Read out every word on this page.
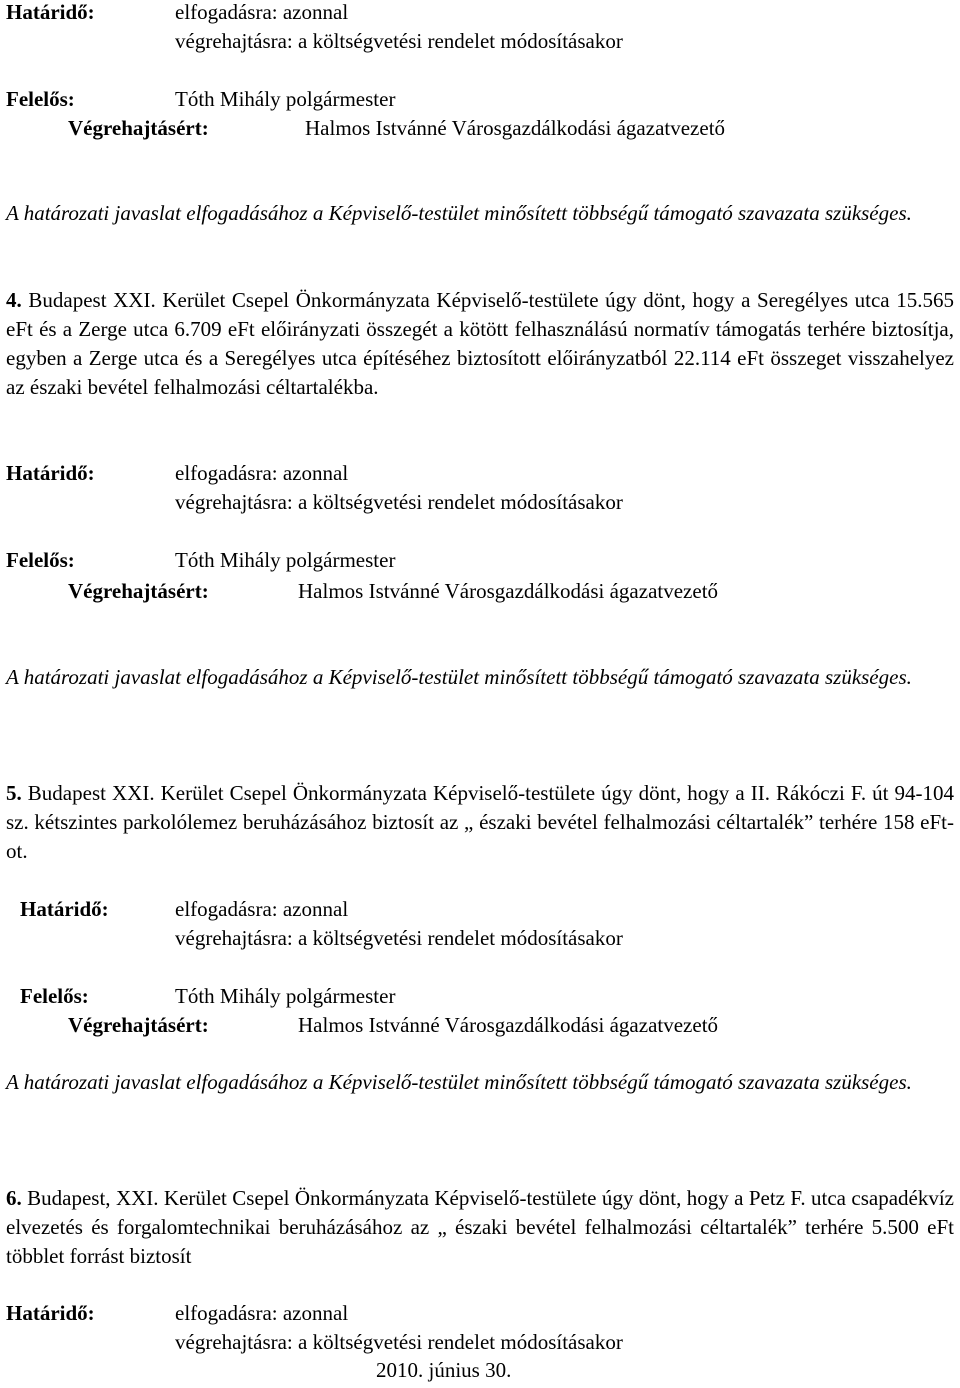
Határidő:	elfogadásra: azonnal
végrehajtásra: a költségvetési rendelet módosításakor
Felelős:	Tóth Mihály polgármester
Végrehajtásért:	Halmos Istvánné Városgazdálkodási ágazatvezető
A határozati javaslat elfogadásához a Képviselő-testület minősített többségű támogató szavazata szükséges.
4. Budapest XXI. Kerület Csepel Önkormányzata Képviselő-testülete úgy dönt, hogy a Seregélyes utca 15.565 eFt és a Zerge utca 6.709 eFt előirányzati összegét a kötött felhasználású normatív támogatás terhére biztosítja, egyben a Zerge utca és a Seregélyes utca építéséhez biztosított előirányzatból 22.114 eFt összeget visszahelyez az északi bevétel felhalmozási céltartalékba.
Határidő:	elfogadásra: azonnal
végrehajtásra: a költségvetési rendelet módosításakor
Felelős:	Tóth Mihály polgármester
Végrehajtásért:	Halmos Istvánné Városgazdálkodási ágazatvezető
A határozati javaslat elfogadásához a Képviselő-testület minősített többségű támogató szavazata szükséges.
5. Budapest XXI. Kerület Csepel Önkormányzata Képviselő-testülete úgy dönt, hogy a II. Rákóczi F. út 94-104 sz. kétszintes parkolólemez beruházásához biztosít az „ északi bevétel felhalmozási céltartalék” terhére 158 eFt-ot.
Határidő:	elfogadásra: azonnal
végrehajtásra: a költségvetési rendelet módosításakor
Felelős:	Tóth Mihály polgármester
Végrehajtásért:	Halmos Istvánné Városgazdálkodási ágazatvezető
A határozati javaslat elfogadásához a Képviselő-testület minősített többségű támogató szavazata szükséges.
6. Budapest, XXI. Kerület Csepel Önkormányzata Képviselő-testülete úgy dönt, hogy a Petz F. utca csapadékvíz elvezetés és forgalomtechnikai beruházásához az „ északi bevétel felhalmozási céltartalék” terhére 5.500 eFt többlet forrást biztosít
Határidő:	elfogadásra: azonnal
végrehajtásra: a költségvetési rendelet módosításakor
2010. június 30.
